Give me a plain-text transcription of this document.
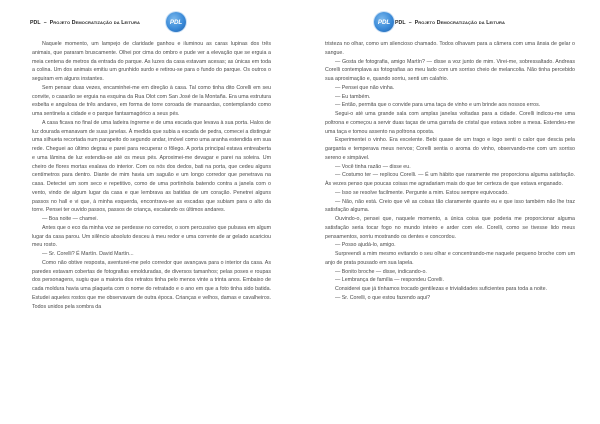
PDL – Projeto Democratização da Leitura	PDL

Naquele momento, um lampejo de claridade ganhou e iluminou as caras lupinas dos três animais, que pararam bruscamente. Olhei por cima do ombro e pude ver a elevação que se erguia a meia centena de metros da entrada do parque. As luzes da casa estavam acesas; as únicas em toda a colina. Um dos animais emitiu um grunhido surdo e retirou-se para o fundo do parque. Os outros o seguiram em alguns instantes.

Sem pensar duas vezes, encaminhei-me em direção à casa. Tal como tinha dito Corelli em seu convite, o casarão se erguia na esquina da Rua Olot com San José de la Montaña. Era uma estrutura esbelta e angulosa de três andares, em forma de torre coroada de mansardas, contemplando como uma sentinela a cidade e o parque fantasmagórico a seus pés.

A casa ficava no final de uma ladeira íngreme e de uma escada que levava à sua porta. Halos de luz dourada emanavam de suas janelas. À medida que subia a escada de pedra, comecei a distinguir uma silhueta recortada num parapeito do segundo andar, imóvel como uma aranha estendida em sua rede. Cheguei ao último degrau e parei para recuperar o fôlego. A porta principal estava entreaberta e uma lâmina de luz estendia-se até os meus pés. Aproximei-me devagar e parei na soleira. Um cheiro de flores mortas exalava do interior. Com os nós dos dedos, bati na porta, que cedeu alguns centímetros para dentro. Diante de mim havia um saguão e um longo corredor que penetrava na casa. Detectei um som seco e repetitivo, como de uma portinhola batendo contra a janela com o vento, vindo de algum lugar da casa e que lembrava as batidas de um coração. Penetrei alguns passos no hall e vi que, à minha esquerda, encontrava-se as escadas que subiam para o alto da torre. Pensei ter ouvido passos, passos de criança, escalando os últimos andares.

— Boa noite — chamei.

Antes que o eco da minha voz se perdesse no corredor, o som percussivo que pulsava em algum lugar da casa parou. Um silêncio absoluto desceu à meu redor e uma corrente de ar gelado acariciou meu rosto.

— Sr. Corelli? É Martín. David Martín...

Como não obtive resposta, aventurei-me pelo corredor que avançava para o interior da casa. As paredes estavam cobertas de fotografias emolduradas, de diversos tamanhos; pelas poses e roupas dos personagens, sugiu que a maioria dos retratos tinha pelo menos vinte a trinta anos. Embaixo de cada moldura havia uma plaqueta com o nome do retratado e o ano em que a foto tinha sido batida. Estudei aqueles rostos que me observavam de outra época. Crianças e velhos, damas e cavalheiros. Todos unidos pela sombra da

PDL PDL – Projeto Democratização da Leitura

tristeza no olhar, como um silencioso chamado. Todos olhavam para a câmera com uma ânsia de gelar o sangue.

— Gosta de fotografia, amigo Martín? — disse a voz junto de mim. Virei-me, sobressaltado. Andreas Corelli contemplava as fotografias ao meu lado com um sorriso cheio de melancolia. Não tinha percebido sua aproximação e, quando sorriu, senti um calafrio.

— Pensei que não vinha.

— Eu também.

— Então, permita que o convide para uma taça de vinho e um brinde aos nossos erros.

Segui-o até uma grande sala com amplas janelas voltadas para a cidade. Corelli indicou-me uma poltrona e começou a servir duas taças de uma garrafa de cristal que estava sobre a mesa. Estendeu-me uma taça e tomou assento na poltrona oposta.

Experimentei o vinho. Era excelente. Bebi quase de um trago e logo senti o calor que descia pela garganta e temperava meus nervos; Corelli sentia o aroma do vinho, observando-me com um sorriso sereno e simpável.

— Você tinha razão — disse eu.

— Costumo ter — replicou Corelli. — É um hábito que raramente me proporciona alguma satisfação. Às vezes penso que poucas coisas me agradariam mais do que ter certeza de que estava enganado.

— Isso se resolve facilmente. Pergunte a mim. Estou sempre equivocado.

— Não, não está. Creio que vê as coisas tão claramente quanto eu e que isso também não lhe traz satisfação alguma.

Ouvindo-o, pensei que, naquele momento, a única coisa que poderia me proporcionar alguma satisfação seria tocar fogo no mundo inteiro e arder com ele. Corelli, como se tivesse lido meus pensamentos, sorriu mostrando os dentes e concordou.

— Posso ajudá-lo, amigo.

Surpreendi a mim mesmo evitando o seu olhar e concentrando-me naquele pequeno broche com um anjo de prata pousado em sua lapela.

— Bonito broche — disse, indicando-o.

— Lembrança de família — respondeu Corelli.

Considerei que já tínhamos trocado gentilezas e trivialidades suficientes para toda a noite.

— Sr. Corelli, o que estou fazendo aqui?
